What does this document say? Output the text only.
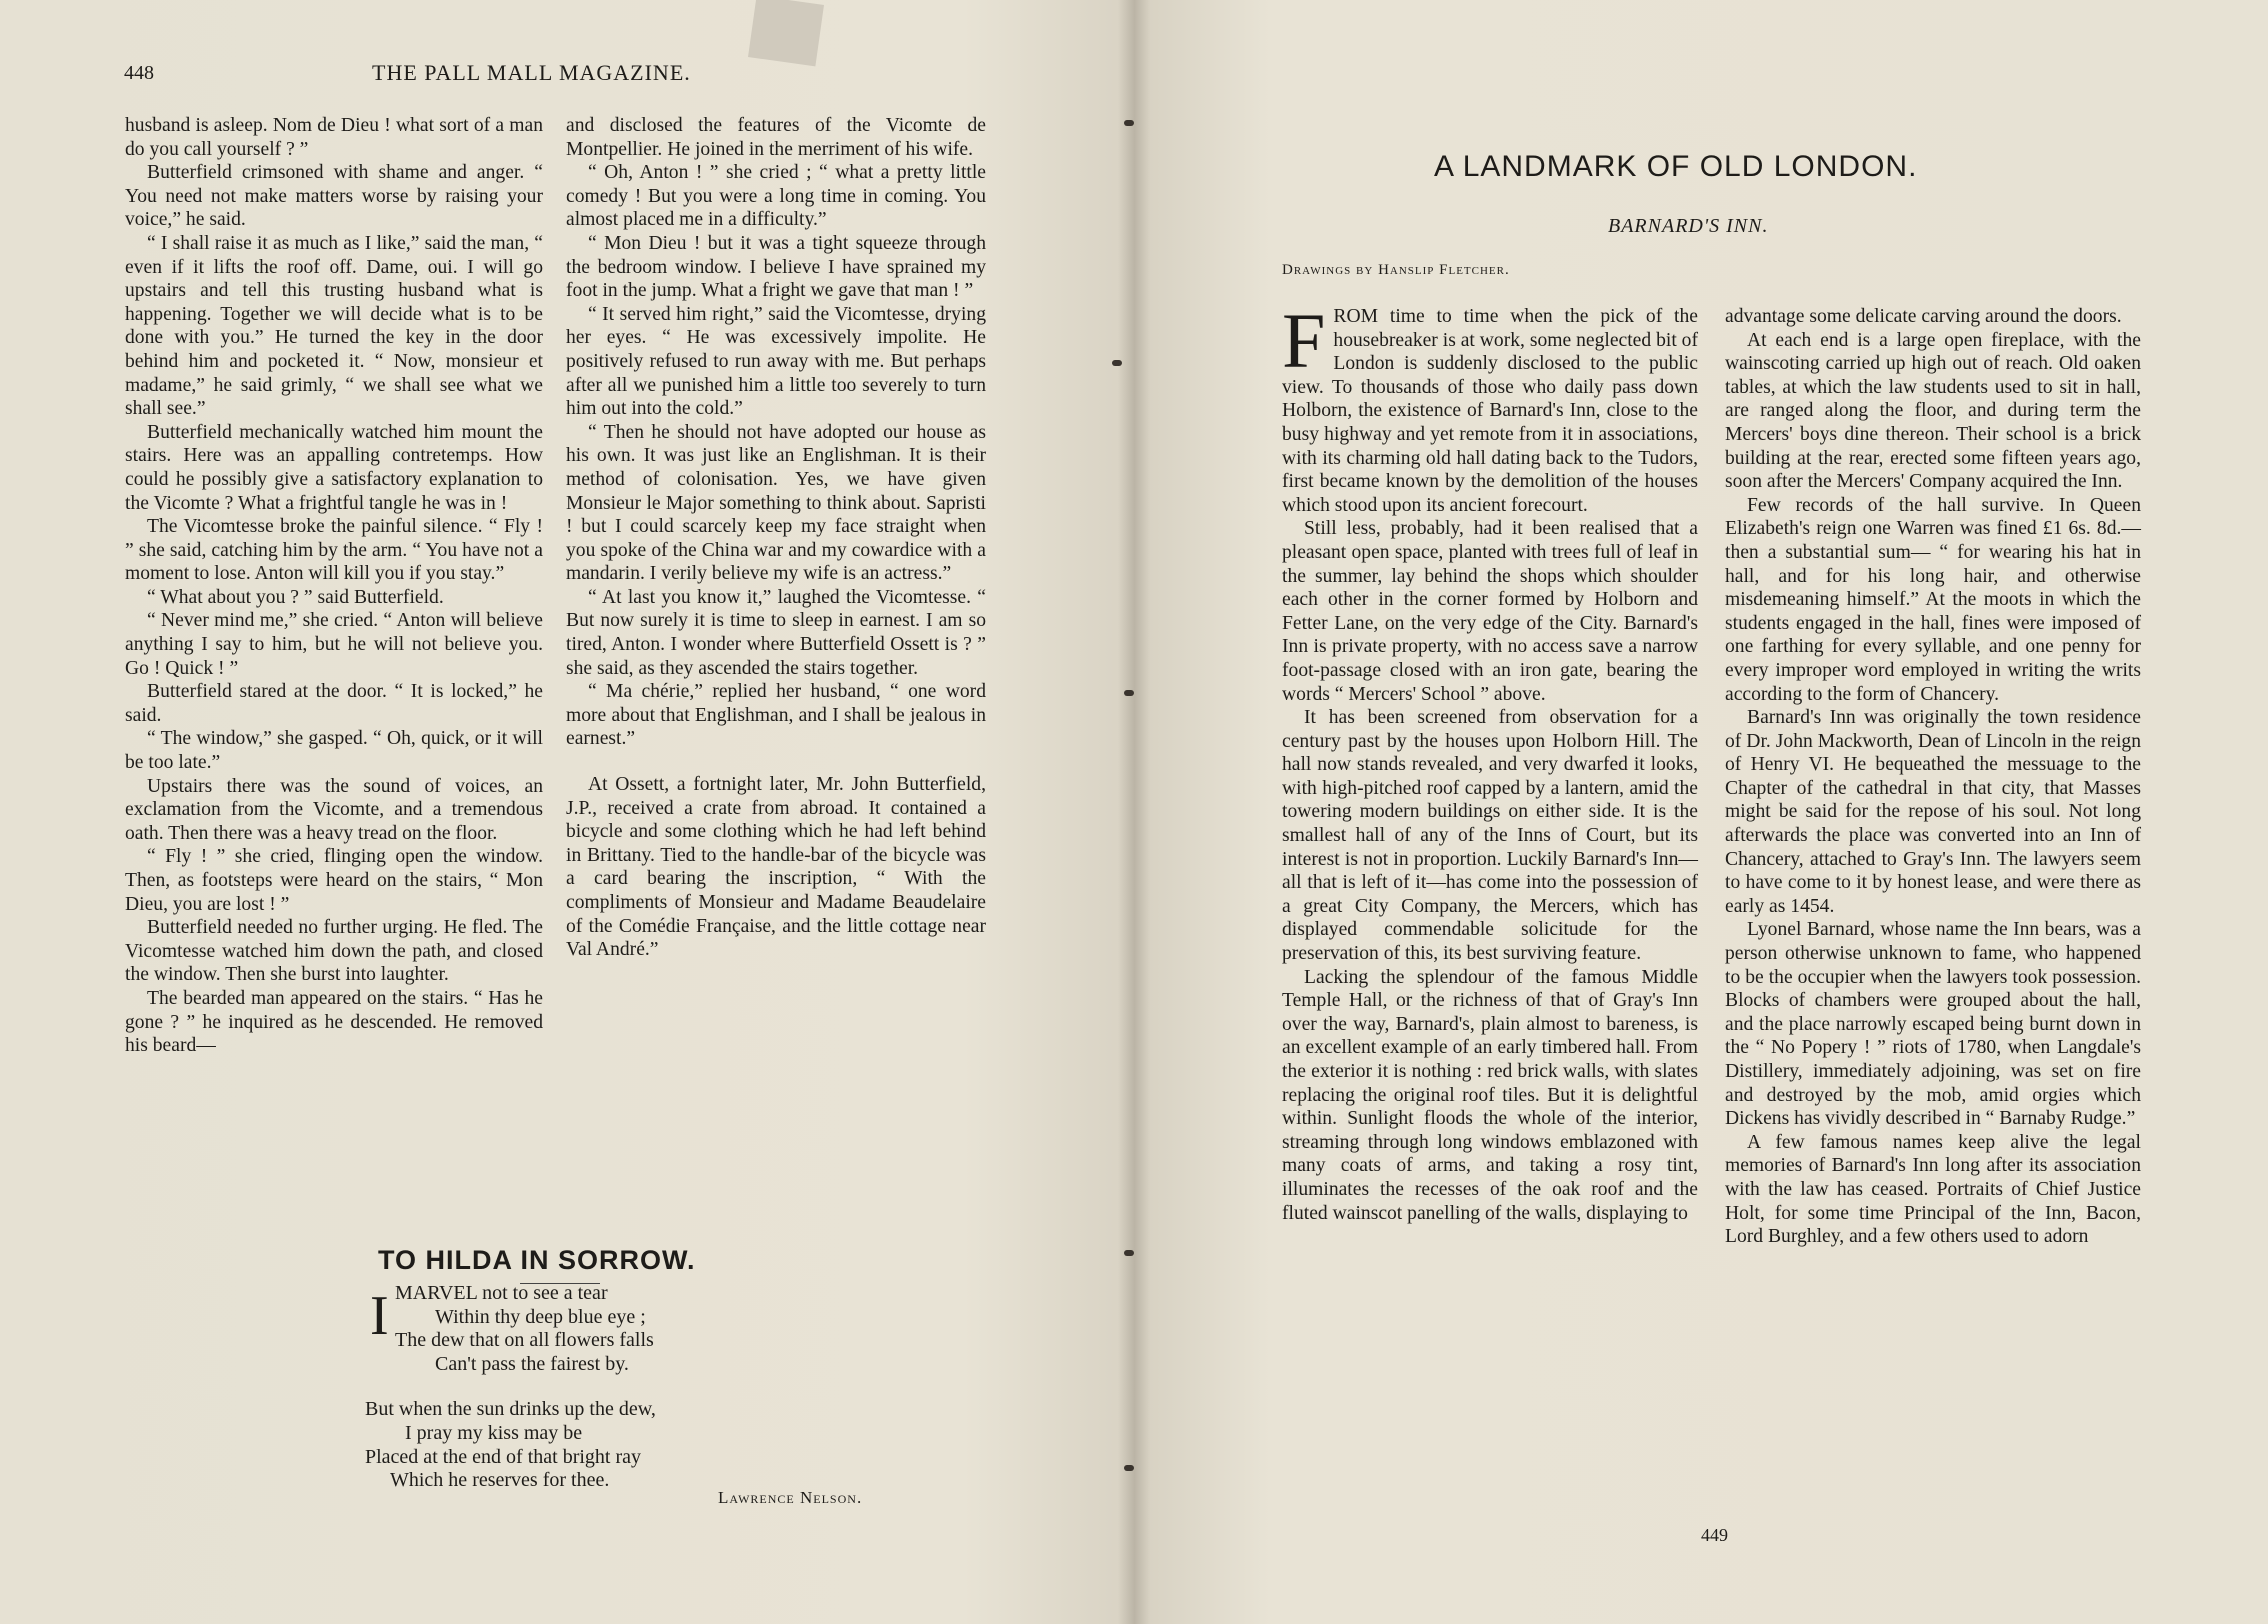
448	THE PALL MALL MAGAZINE.

husband is asleep. Nom de Dieu ! what sort of a man do you call yourself ? ”

Butterfield crimsoned with shame and anger. “ You need not make matters worse by raising your voice,” he said.

“ I shall raise it as much as I like,” said the man, “ even if it lifts the roof off. Dame, oui. I will go upstairs and tell this trusting husband what is happening. Together we will decide what is to be done with you.” He turned the key in the door behind him and pocketed it. “ Now, monsieur et madame,” he said grimly, “ we shall see what we shall see.”

Butterfield mechanically watched him mount the stairs. Here was an appalling contretemps. How could he possibly give a satisfactory explanation to the Vicomte ? What a frightful tangle he was in !

The Vicomtesse broke the painful silence. “ Fly ! ” she said, catching him by the arm. “ You have not a moment to lose. Anton will kill you if you stay.”

“ What about you ? ” said Butterfield.

“ Never mind me,” she cried. “ Anton will believe anything I say to him, but he will not believe you. Go ! Quick ! ”

Butterfield stared at the door. “ It is locked,” he said.

“ The window,” she gasped. “ Oh, quick, or it will be too late.”

Upstairs there was the sound of voices, an exclamation from the Vicomte, and a tremendous oath. Then there was a heavy tread on the floor.

“ Fly ! ” she cried, flinging open the window. Then, as footsteps were heard on the stairs, “ Mon Dieu, you are lost ! ”

Butterfield needed no further urging. He fled. The Vicomtesse watched him down the path, and closed the window. Then she burst into laughter.

The bearded man appeared on the stairs. “ Has he gone ? ” he inquired as he descended. He removed his beard—

and disclosed the features of the Vicomte de Montpellier. He joined in the merriment of his wife.

“ Oh, Anton ! ” she cried ; “ what a pretty little comedy ! But you were a long time in coming. You almost placed me in a difficulty.”

“ Mon Dieu ! but it was a tight squeeze through the bedroom window. I believe I have sprained my foot in the jump. What a fright we gave that man ! ”

“ It served him right,” said the Vicomtesse, drying her eyes. “ He was excessively impolite. He positively refused to run away with me. But perhaps after all we punished him a little too severely to turn him out into the cold.”

“ Then he should not have adopted our house as his own. It was just like an Englishman. It is their method of colonisation. Yes, we have given Monsieur le Major something to think about. Sapristi ! but I could scarcely keep my face straight when you spoke of the China war and my cowardice with a mandarin. I verily believe my wife is an actress.”

“ At last you know it,” laughed the Vicomtesse. “ But now surely it is time to sleep in earnest. I am so tired, Anton. I wonder where Butterfield Ossett is ? ” she said, as they ascended the stairs together.

“ Ma chérie,” replied her husband, “ one word more about that Englishman, and I shall be jealous in earnest.”

At Ossett, a fortnight later, Mr. John Butterfield, J.P., received a crate from abroad. It contained a bicycle and some clothing which he had left behind in Brittany. Tied to the handle-bar of the bicycle was a card bearing the inscription, “ With the compliments of Monsieur and Madame Beaudelaire of the Comédie Française, and the little cottage near Val André.”

TO HILDA IN SORROW.
I MARVEL not to see a tear
Within thy deep blue eye ;
The dew that on all flowers falls
Can't pass the fairest by.
But when the sun drinks up the dew,
I pray my kiss may be
Placed at the end of that bright ray
Which he reserves for thee.
Lawrence Nelson.
449
A LANDMARK OF OLD LONDON.
BARNARD'S INN.
Drawings by Hanslip Fletcher.

FROM time to time when the pick of the housebreaker is at work, some neglected bit of London is suddenly disclosed to the public view. To thousands of those who daily pass down Holborn, the existence of Barnard's Inn, close to the busy highway and yet remote from it in associations, with its charming old hall dating back to the Tudors, first became known by the demolition of the houses which stood upon its ancient forecourt.

Still less, probably, had it been realised that a pleasant open space, planted with trees full of leaf in the summer, lay behind the shops which shoulder each other in the corner formed by Holborn and Fetter Lane, on the very edge of the City. Barnard's Inn is private property, with no access save a narrow foot-passage closed with an iron gate, bearing the words “ Mercers' School ” above.

It has been screened from observation for a century past by the houses upon Holborn Hill. The hall now stands revealed, and very dwarfed it looks, with high-pitched roof capped by a lantern, amid the towering modern buildings on either side. It is the smallest hall of any of the Inns of Court, but its interest is not in proportion. Luckily Barnard's Inn—all that is left of it—has come into the possession of a great City Company, the Mercers, which has displayed commendable solicitude for the preservation of this, its best surviving feature.

Lacking the splendour of the famous Middle Temple Hall, or the richness of that of Gray's Inn over the way, Barnard's, plain almost to bareness, is an excellent example of an early timbered hall. From the exterior it is nothing : red brick walls, with slates replacing the original roof tiles. But it is delightful within. Sunlight floods the whole of the interior, streaming through long windows emblazoned with many coats of arms, and taking a rosy tint, illuminates the recesses of the oak roof and the fluted wainscot panelling of the walls, displaying to

advantage some delicate carving around the doors.

At each end is a large open fireplace, with the wainscoting carried up high out of reach. Old oaken tables, at which the law students used to sit in hall, are ranged along the floor, and during term the Mercers' boys dine thereon. Their school is a brick building at the rear, erected some fifteen years ago, soon after the Mercers' Company acquired the Inn.

Few records of the hall survive. In Queen Elizabeth's reign one Warren was fined £1 6s. 8d.— then a substantial sum— “ for wearing his hat in hall, and for his long hair, and otherwise misdemeaning himself.” At the moots in which the students engaged in the hall, fines were imposed of one farthing for every syllable, and one penny for every improper word employed in writing the writs according to the form of Chancery.

Barnard's Inn was originally the town residence of Dr. John Mackworth, Dean of Lincoln in the reign of Henry VI. He bequeathed the messuage to the Chapter of the cathedral in that city, that Masses might be said for the repose of his soul. Not long afterwards the place was converted into an Inn of Chancery, attached to Gray's Inn. The lawyers seem to have come to it by honest lease, and were there as early as 1454.

Lyonel Barnard, whose name the Inn bears, was a person otherwise unknown to fame, who happened to be the occupier when the lawyers took possession. Blocks of chambers were grouped about the hall, and the place narrowly escaped being burnt down in the “ No Popery ! ” riots of 1780, when Langdale's Distillery, immediately adjoining, was set on fire and destroyed by the mob, amid orgies which Dickens has vividly described in “ Barnaby Rudge.”

A few famous names keep alive the legal memories of Barnard's Inn long after its association with the law has ceased. Portraits of Chief Justice Holt, for some time Principal of the Inn, Bacon, Lord Burghley, and a few others used to adorn
